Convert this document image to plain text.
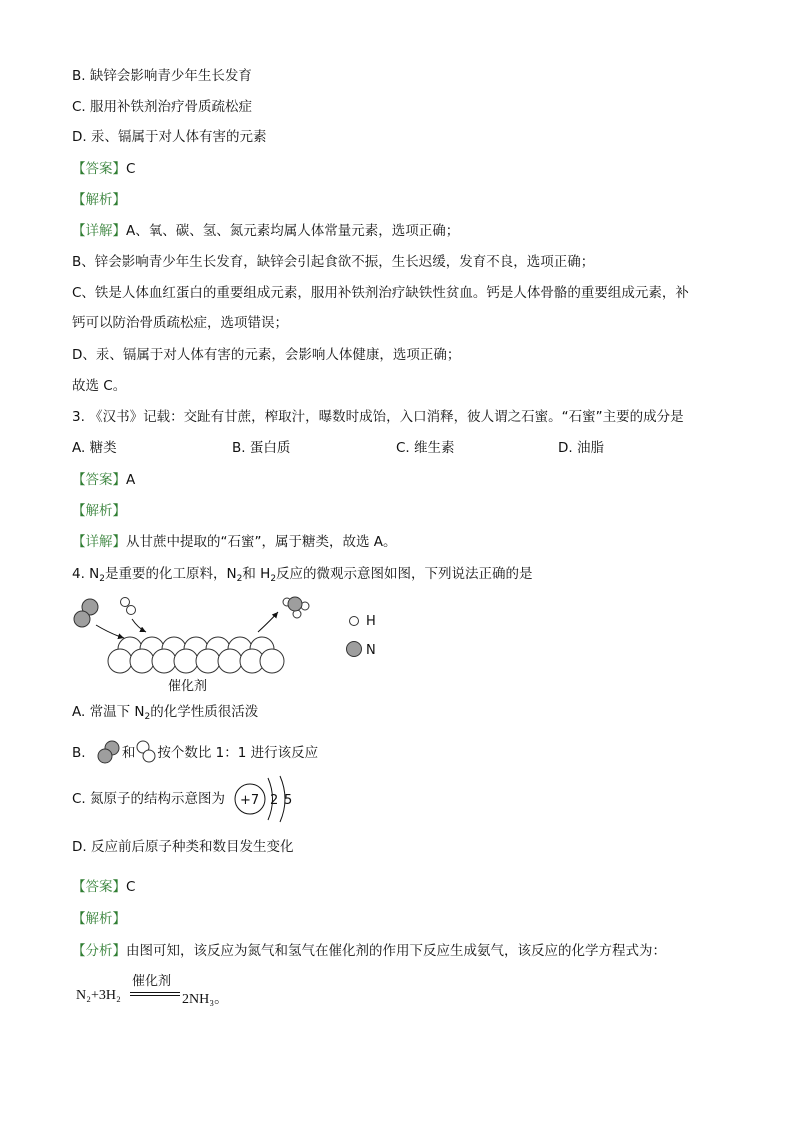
B. 缺锌会影响青少年生长发育
C. 服用补铁剂治疗骨质疏松症
D. 汞、镉属于对人体有害的元素
【答案】C
【解析】
【详解】A、氧、碳、氢、氮元素均属人体常量元素，选项正确；
B、锌会影响青少年生长发育，缺锌会引起食欲不振，生长迟缓，发育不良，选项正确；
C、铁是人体血红蛋白的重要组成元素，服用补铁剂治疗缺铁性贫血。钙是人体骨骼的重要组成元素，补
钙可以防治骨质疏松症，选项错误；
D、汞、镉属于对人体有害的元素，会影响人体健康，选项正确；
故选 C。
3. 《汉书》记载：交趾有甘蔗，榨取汁，曝数时成饴，入口消释，彼人谓之石蜜。“石蜜”主要的成分是
A. 糖类	B. 蛋白质	C. 维生素	D. 油脂
【答案】A
【解析】
【详解】从甘蔗中提取的“石蜜”，属于糖类，故选 A。
4. $N_2$是重要的化工原料，$N_2$和 $H_2$反应的微观示意图如图，下列说法正确的是
催化剂
H
N
A. 常温下 $N_2$的化学性质很活泼
B.	和 按个数比 1：1 进行该反应
C. 氮原子的结构示意图为 +7 2 5
D. 反应前后原子种类和数目发生变化
【答案】C
【解析】
【分析】由图可知，该反应为氮气和氢气在催化剂的作用下反应生成氨气，该反应的化学方程式为：
N₂+3H₂
催化剂
2NH₃。
